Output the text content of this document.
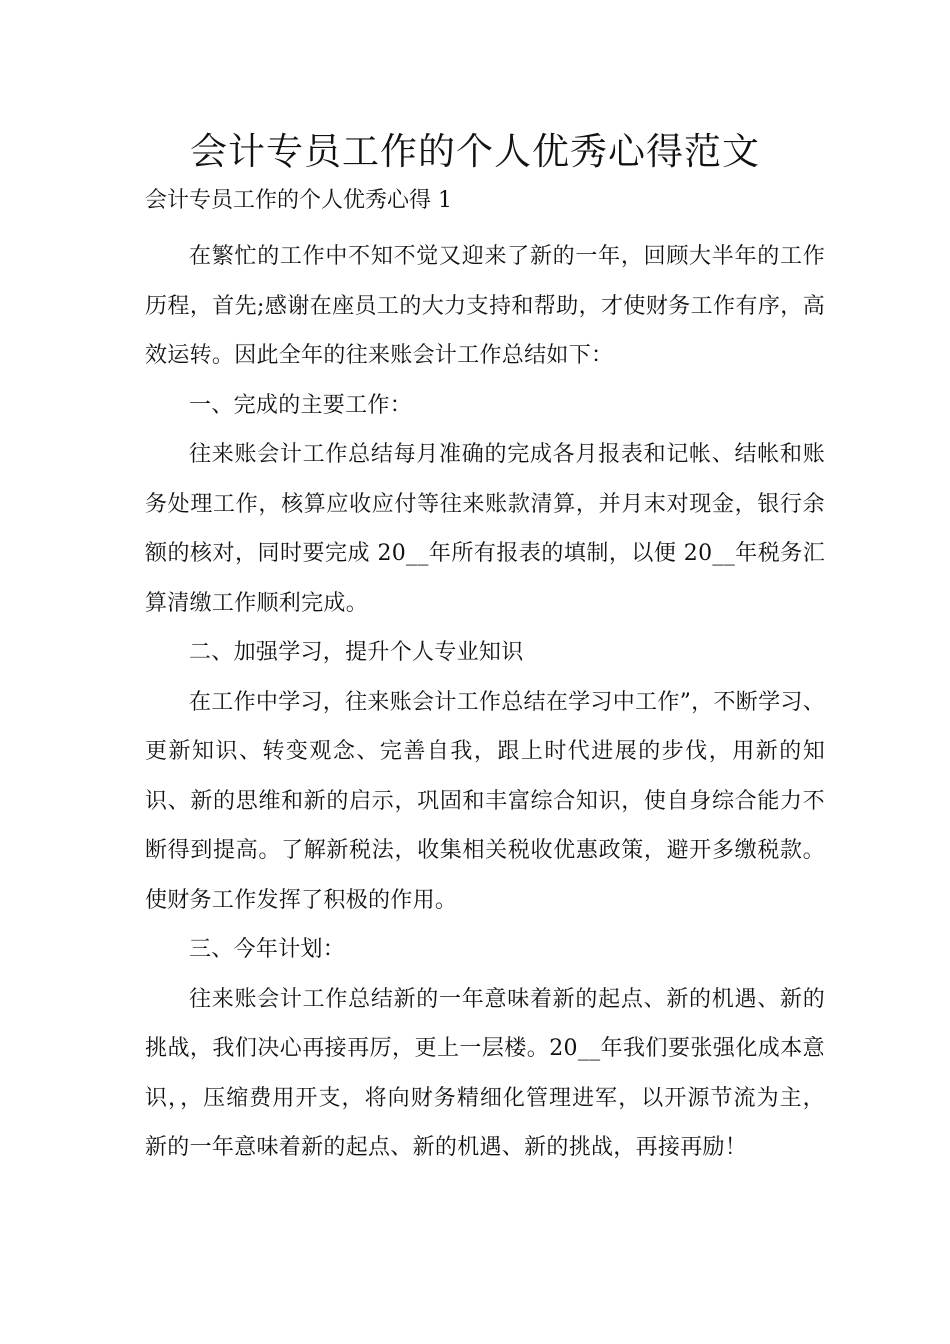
会计专员工作的个人优秀心得范文

会计专员工作的个人优秀心得 1

在繁忙的工作中不知不觉又迎来了新的一年，回顾大半年的工作历程，首先;感谢在座员工的大力支持和帮助，才使财务工作有序，高效运转。因此全年的往来账会计工作总结如下：

一、完成的主要工作：

往来账会计工作总结每月准确的完成各月报表和记帐、结帐和账务处理工作，核算应收应付等往来账款清算，并月末对现金，银行余额的核对，同时要完成 20__年所有报表的填制，以便 20__年税务汇算清缴工作顺利完成。

二、加强学习，提升个人专业知识

在工作中学习，往来账会计工作总结在学习中工作”，不断学习、更新知识、转变观念、完善自我，跟上时代进展的步伐，用新的知识、新的思维和新的启示，巩固和丰富综合知识，使自身综合能力不断得到提高。了解新税法，收集相关税收优惠政策，避开多缴税款。使财务工作发挥了积极的作用。

三、今年计划：

往来账会计工作总结新的一年意味着新的起点、新的机遇、新的挑战，我们决心再接再厉，更上一层楼。20__年我们要张强化成本意识，，压缩费用开支，将向财务精细化管理进军，以开源节流为主，新的一年意味着新的起点、新的机遇、新的挑战，再接再励！
